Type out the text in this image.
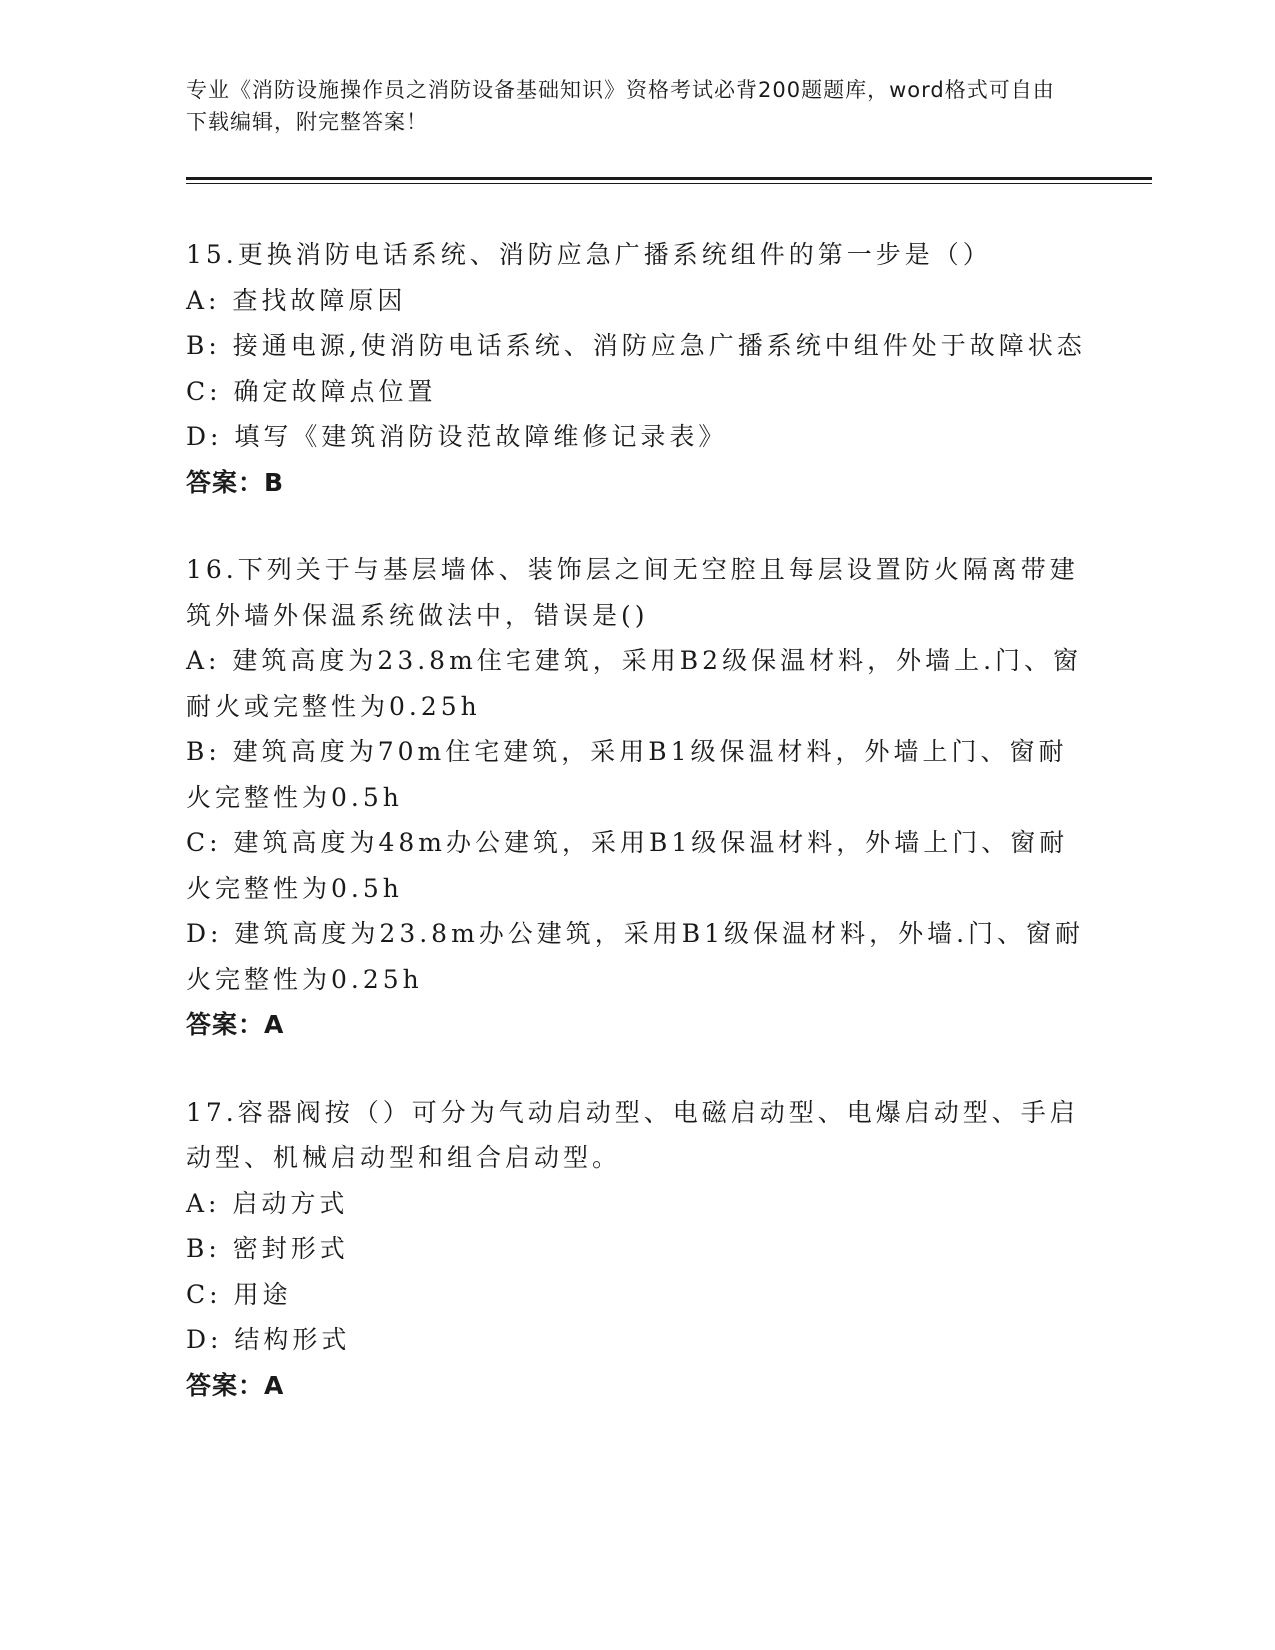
专业《消防设施操作员之消防设备基础知识》资格考试必背200题题库，word格式可自由下载编辑，附完整答案！

15.更换消防电话系统、消防应急广播系统组件的第一步是（）

A: 查找故障原因

B: 接通电源,使消防电话系统、消防应急广播系统中组件处于故障状态

C: 确定故障点位置

D: 填写《建筑消防设范故障维修记录表》

答案：B

16.下列关于与基层墙体、装饰层之间无空腔且每层设置防火隔离带建筑外墙外保温系统做法中，错误是()

A: 建筑高度为23.8m住宅建筑，采用B2级保温材料，外墙上.门、窗耐火或完整性为0.25h

B: 建筑高度为70m住宅建筑，采用B1级保温材料，外墙上门、窗耐火完整性为0.5h

C: 建筑高度为48m办公建筑，采用B1级保温材料，外墙上门、窗耐火完整性为0.5h

D: 建筑高度为23.8m办公建筑，采用B1级保温材料，外墙.门、窗耐火完整性为0.25h

答案：A

17.容器阀按（）可分为气动启动型、电磁启动型、电爆启动型、手启动型、机械启动型和组合启动型。

A: 启动方式

B: 密封形式

C: 用途

D: 结构形式

答案：A
